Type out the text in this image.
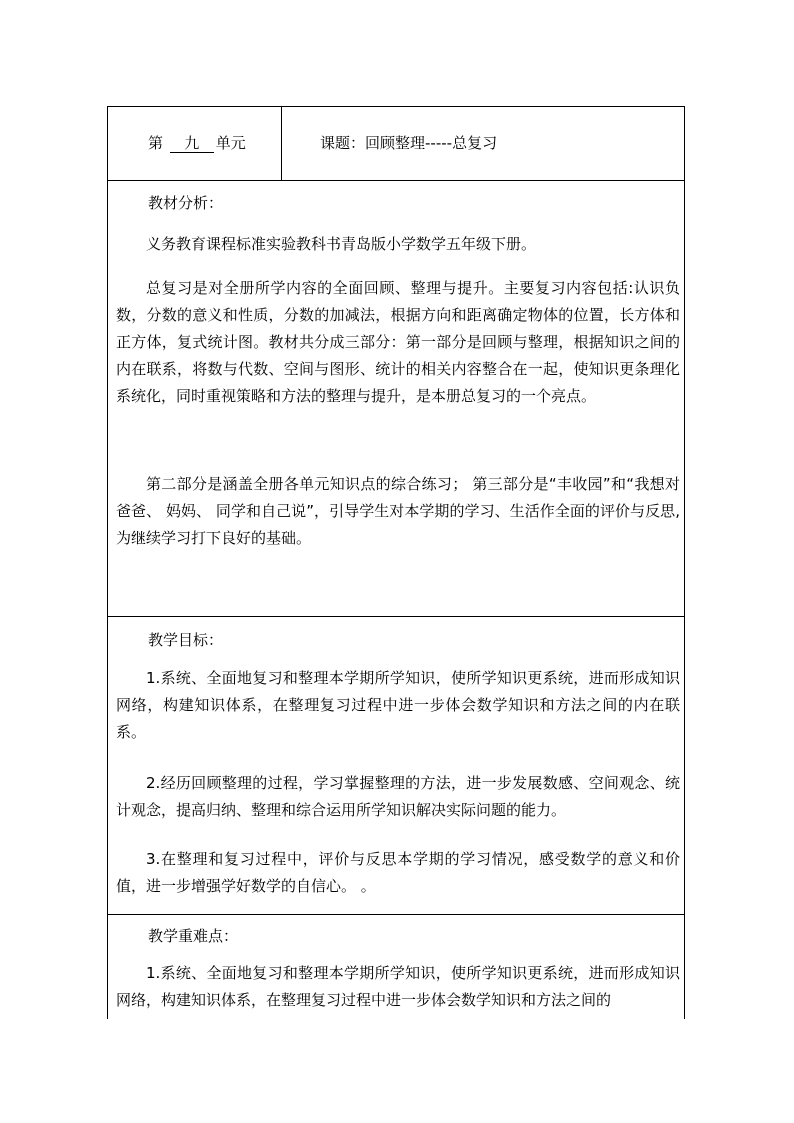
第 九 单元	课题：回顾整理-----总复习
教材分析：

义务教育课程标准实验教科书青岛版小学数学五年级下册。

总复习是对全册所学内容的全面回顾、整理与提升。主要复习内容包括:认识负数，分数的意义和性质，分数的加减法，根据方向和距离确定物体的位置，长方体和正方体，复式统计图。教材共分成三部分：第一部分是回顾与整理，根据知识之间的内在联系，将数与代数、空间与图形、统计的相关内容整合在一起，使知识更条理化系统化，同时重视策略和方法的整理与提升，是本册总复习的一个亮点。

第二部分是涵盖全册各单元知识点的综合练习； 第三部分是“丰收园”和“我想对爸爸、 妈妈、 同学和自己说”，引导学生对本学期的学习、生活作全面的评价与反思,为继续学习打下良好的基础。

教学目标：

1.系统、全面地复习和整理本学期所学知识，使所学知识更系统，进而形成知识网络，构建知识体系，在整理复习过程中进一步体会数学知识和方法之间的内在联系。

2.经历回顾整理的过程，学习掌握整理的方法，进一步发展数感、空间观念、统计观念，提高归纳、整理和综合运用所学知识解决实际问题的能力。

3.在整理和复习过程中，评价与反思本学期的学习情况，感受数学的意义和价值，进一步增强学好数学的自信心。 。

教学重难点：

1.系统、全面地复习和整理本学期所学知识，使所学知识更系统，进而形成知识网络，构建知识体系，在整理复习过程中进一步体会数学知识和方法之间的
